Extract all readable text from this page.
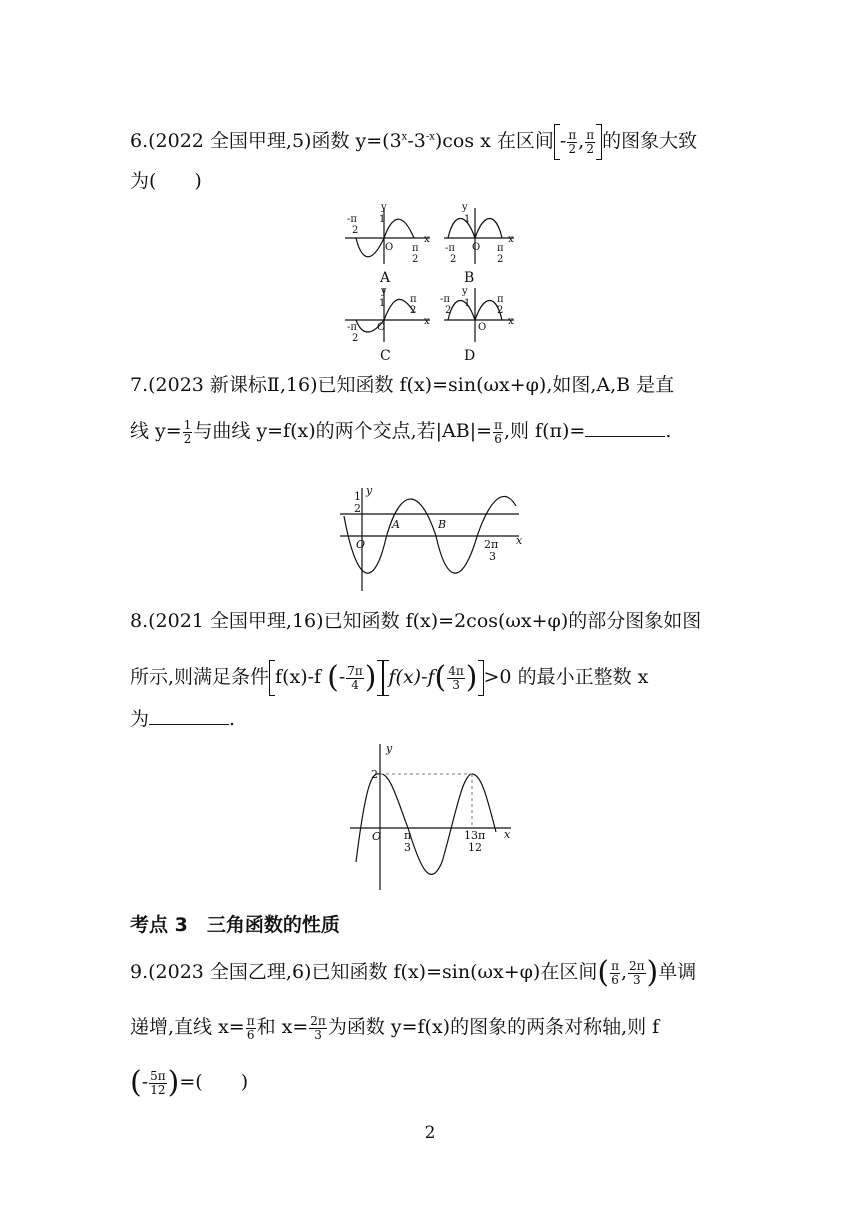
6.(2022 全国甲理,5)函数 $y=(3^x-3^{-x})\cos$ x 在区间 - $\frac{\pi}{2}$ , $\frac{\pi}{2}$ 的图象大致
为(　　)
-π
2
1
y
O
x
π
2
y
1
-π
2
O π
2
x
y
1
-π
2
O
x
π
2
y
1
-π
2
O
π
2
x
A	B
C	D
7.(2023 新课标Ⅱ,16)已知函数 f(x)=sin(ωx+φ),如图,A,B 是直
线 $y= \frac{1}{2}$ 与曲线 y=f(x)的两个交点,若$|AB|= \frac{\pi}{6}$ ,则 f(π)=	.
y
x
O
A	B
1
2
2π
3
8.(2021 全国甲理,16)已知函数 f(x)=2cos(ωx+φ)的部分图象如图
所示,则满足条件 f(x)-f (- $\frac{7\pi}{4}$ ) $f(x)-f( \frac{4\pi}{3}$ ) >0 的最小正整数 x
为	.
y
x
O
2
π
3
13π
12
考点 3　 三角函数的性质
9.(2023 全国乙理,6)已知函数 f(x)=sin(ωx+φ)在区间( $\frac{\pi}{6}$ , $\frac{2\pi}{3}$ )单调
递增,直线 $x= \frac{\pi}{6}$ 和 $x= \frac{2\pi}{3}$ 为函数 y=f(x)的图象的两条对称轴,则 f
(- $\frac{5\pi}{12}$ )=(　　)
2
